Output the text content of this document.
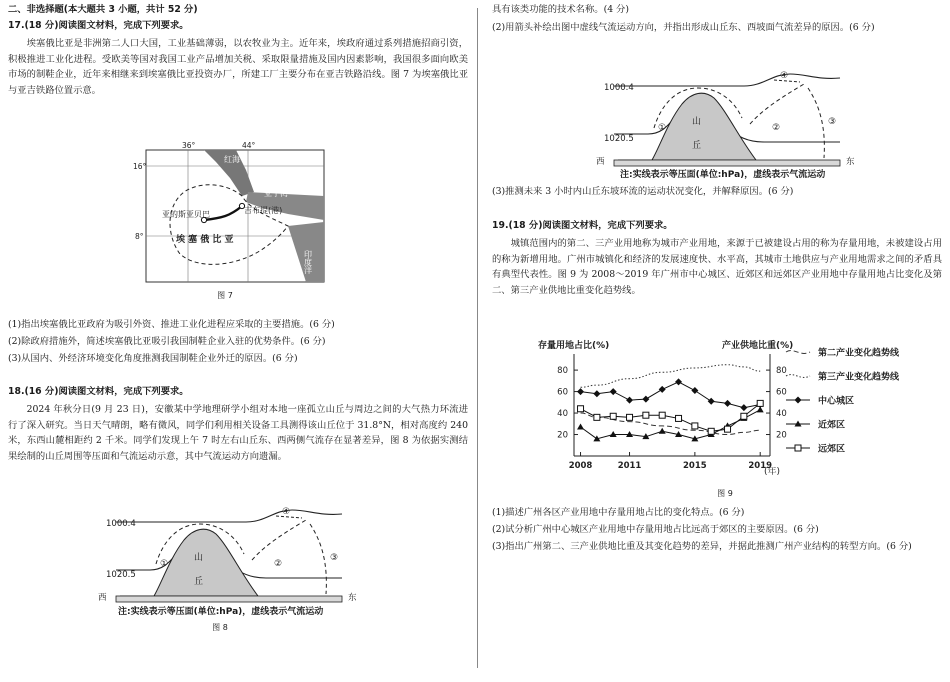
二、非选择题(本大题共 3 小题，共计 52 分)
17.(18 分)阅读图文材料，完成下列要求。
埃塞俄比亚是非洲第二人口大国，工业基础薄弱，以农牧业为主。近年来，埃政府通过系列措施招商引资，积极推进工业化进程。受欧美等国对我国工业产品增加关税、采取限量措施及国内因素影响，我国很多面向欧美市场的制鞋企业，近年来相继来到埃塞俄比亚投资办厂，所建工厂主要分布在亚吉铁路沿线。图 7 为埃塞俄比亚与亚吉铁路位置示意。
36°	44°
16°
8°
红海
亚丁湾
亚的斯亚贝巴	吉布提(港)
埃 塞 俄 比 亚
印度洋
图 7
(1)指出埃塞俄比亚政府为吸引外资、推进工业化进程应采取的主要措施。(6 分)
(2)除政府措施外，简述埃塞俄比亚吸引我国制鞋企业入驻的优势条件。(6 分)
(3)从国内、外经济环境变化角度推测我国制鞋企业外迁的原因。(6 分)
18.(16 分)阅读图文材料，完成下列要求。
2024 年秋分日(9 月 23 日)，安徽某中学地理研学小组对本地一座孤立山丘与周边之间的大气热力环流进行了深入研究。当日天气晴朗，略有微风，同学们利用相关设备工具测得该山丘位于 31.8°N，相对高度约 240 米，东西山麓相距约 2 千米。同学们发现上午 7 时左右山丘东、西两侧气流存在显著差异，图 8 为依据实测结果绘制的山丘周围等压面和气流运动示意，其中气流运动方向遗漏。
1000.4
1020.5
西	东
山
丘
①	②
③
④
注:实线表示等压面(单位:hPa)，虚线表示气流运动
图 8
具有该类功能的技术名称。(4 分)
(2)用箭头补绘出图中虚线气流运动方向，并指出形成山丘东、西坡面气流差异的原因。(6 分)
1000.4
1020.5
西	东
山
丘
①	②
③
④
注:实线表示等压面(单位:hPa)，虚线表示气流运动
(3)推测未来 3 小时内山丘东坡环流的运动状况变化，并解释原因。(6 分)
19.(18 分)阅读图文材料，完成下列要求。
城镇范围内的第二、三产业用地称为城市产业用地，来源于已被建设占用的称为存量用地，未被建设占用的称为新增用地。广州市城镇化和经济的发展速度快、水平高，其城市土地供应与产业用地需求之间的矛盾具有典型代表性。图 9 为 2008～2019 年广州市中心城区、近郊区和远郊区产业用地中存量用地占比变化及第二、第三产业供地比重变化趋势线。
存量用地占比(%)	产业供地比重(%)
(年)
20	20
40	40
60	60
80	80
2008	2011	2015	2019
第二产业变化趋势线
第三产业变化趋势线
中心城区
近郊区
远郊区
图 9
(1)描述广州各区产业用地中存量用地占比的变化特点。(6 分)
(2)试分析广州中心城区产业用地中存量用地占比远高于郊区的主要原因。(6 分)
(3)指出广州第二、三产业供地比重及其变化趋势的差异，并据此推测广州产业结构的转型方向。(6 分)
